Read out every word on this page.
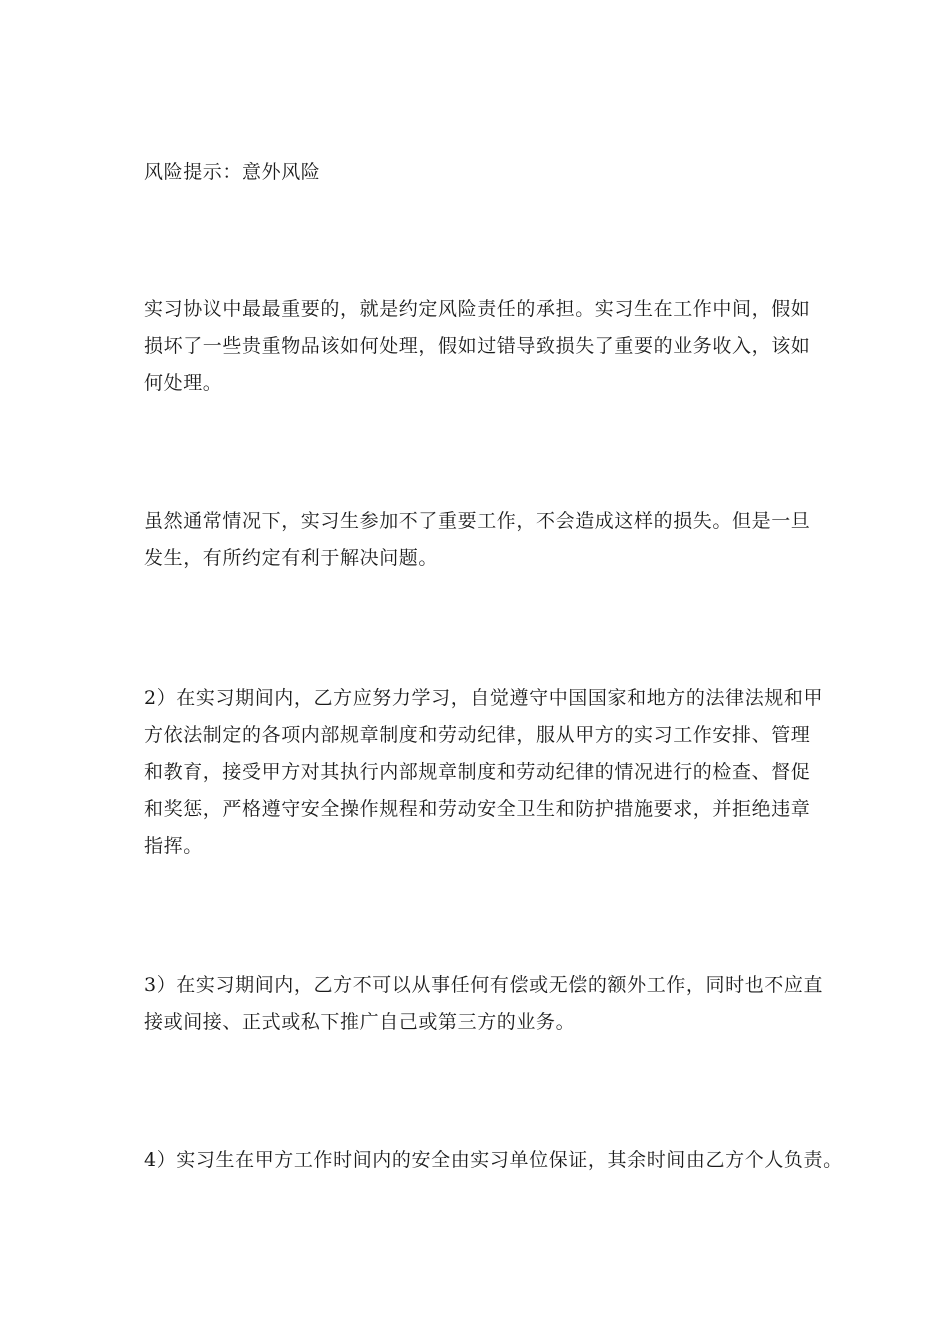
风险提示：意外风险

实习协议中最最重要的，就是约定风险责任的承担。实习生在工作中间，假如

损坏了一些贵重物品该如何处理，假如过错导致损失了重要的业务收入，该如

何处理。

虽然通常情况下，实习生参加不了重要工作，不会造成这样的损失。但是一旦

发生，有所约定有利于解决问题。

2）在实习期间内，乙方应努力学习，自觉遵守中国国家和地方的法律法规和甲

方依法制定的各项内部规章制度和劳动纪律，服从甲方的实习工作安排、管理

和教育，接受甲方对其执行内部规章制度和劳动纪律的情况进行的检查、督促

和奖惩，严格遵守安全操作规程和劳动安全卫生和防护措施要求，并拒绝违章

指挥。

3）在实习期间内，乙方不可以从事任何有偿或无偿的额外工作，同时也不应直

接或间接、正式或私下推广自己或第三方的业务。

4）实习生在甲方工作时间内的安全由实习单位保证，其余时间由乙方个人负责。
